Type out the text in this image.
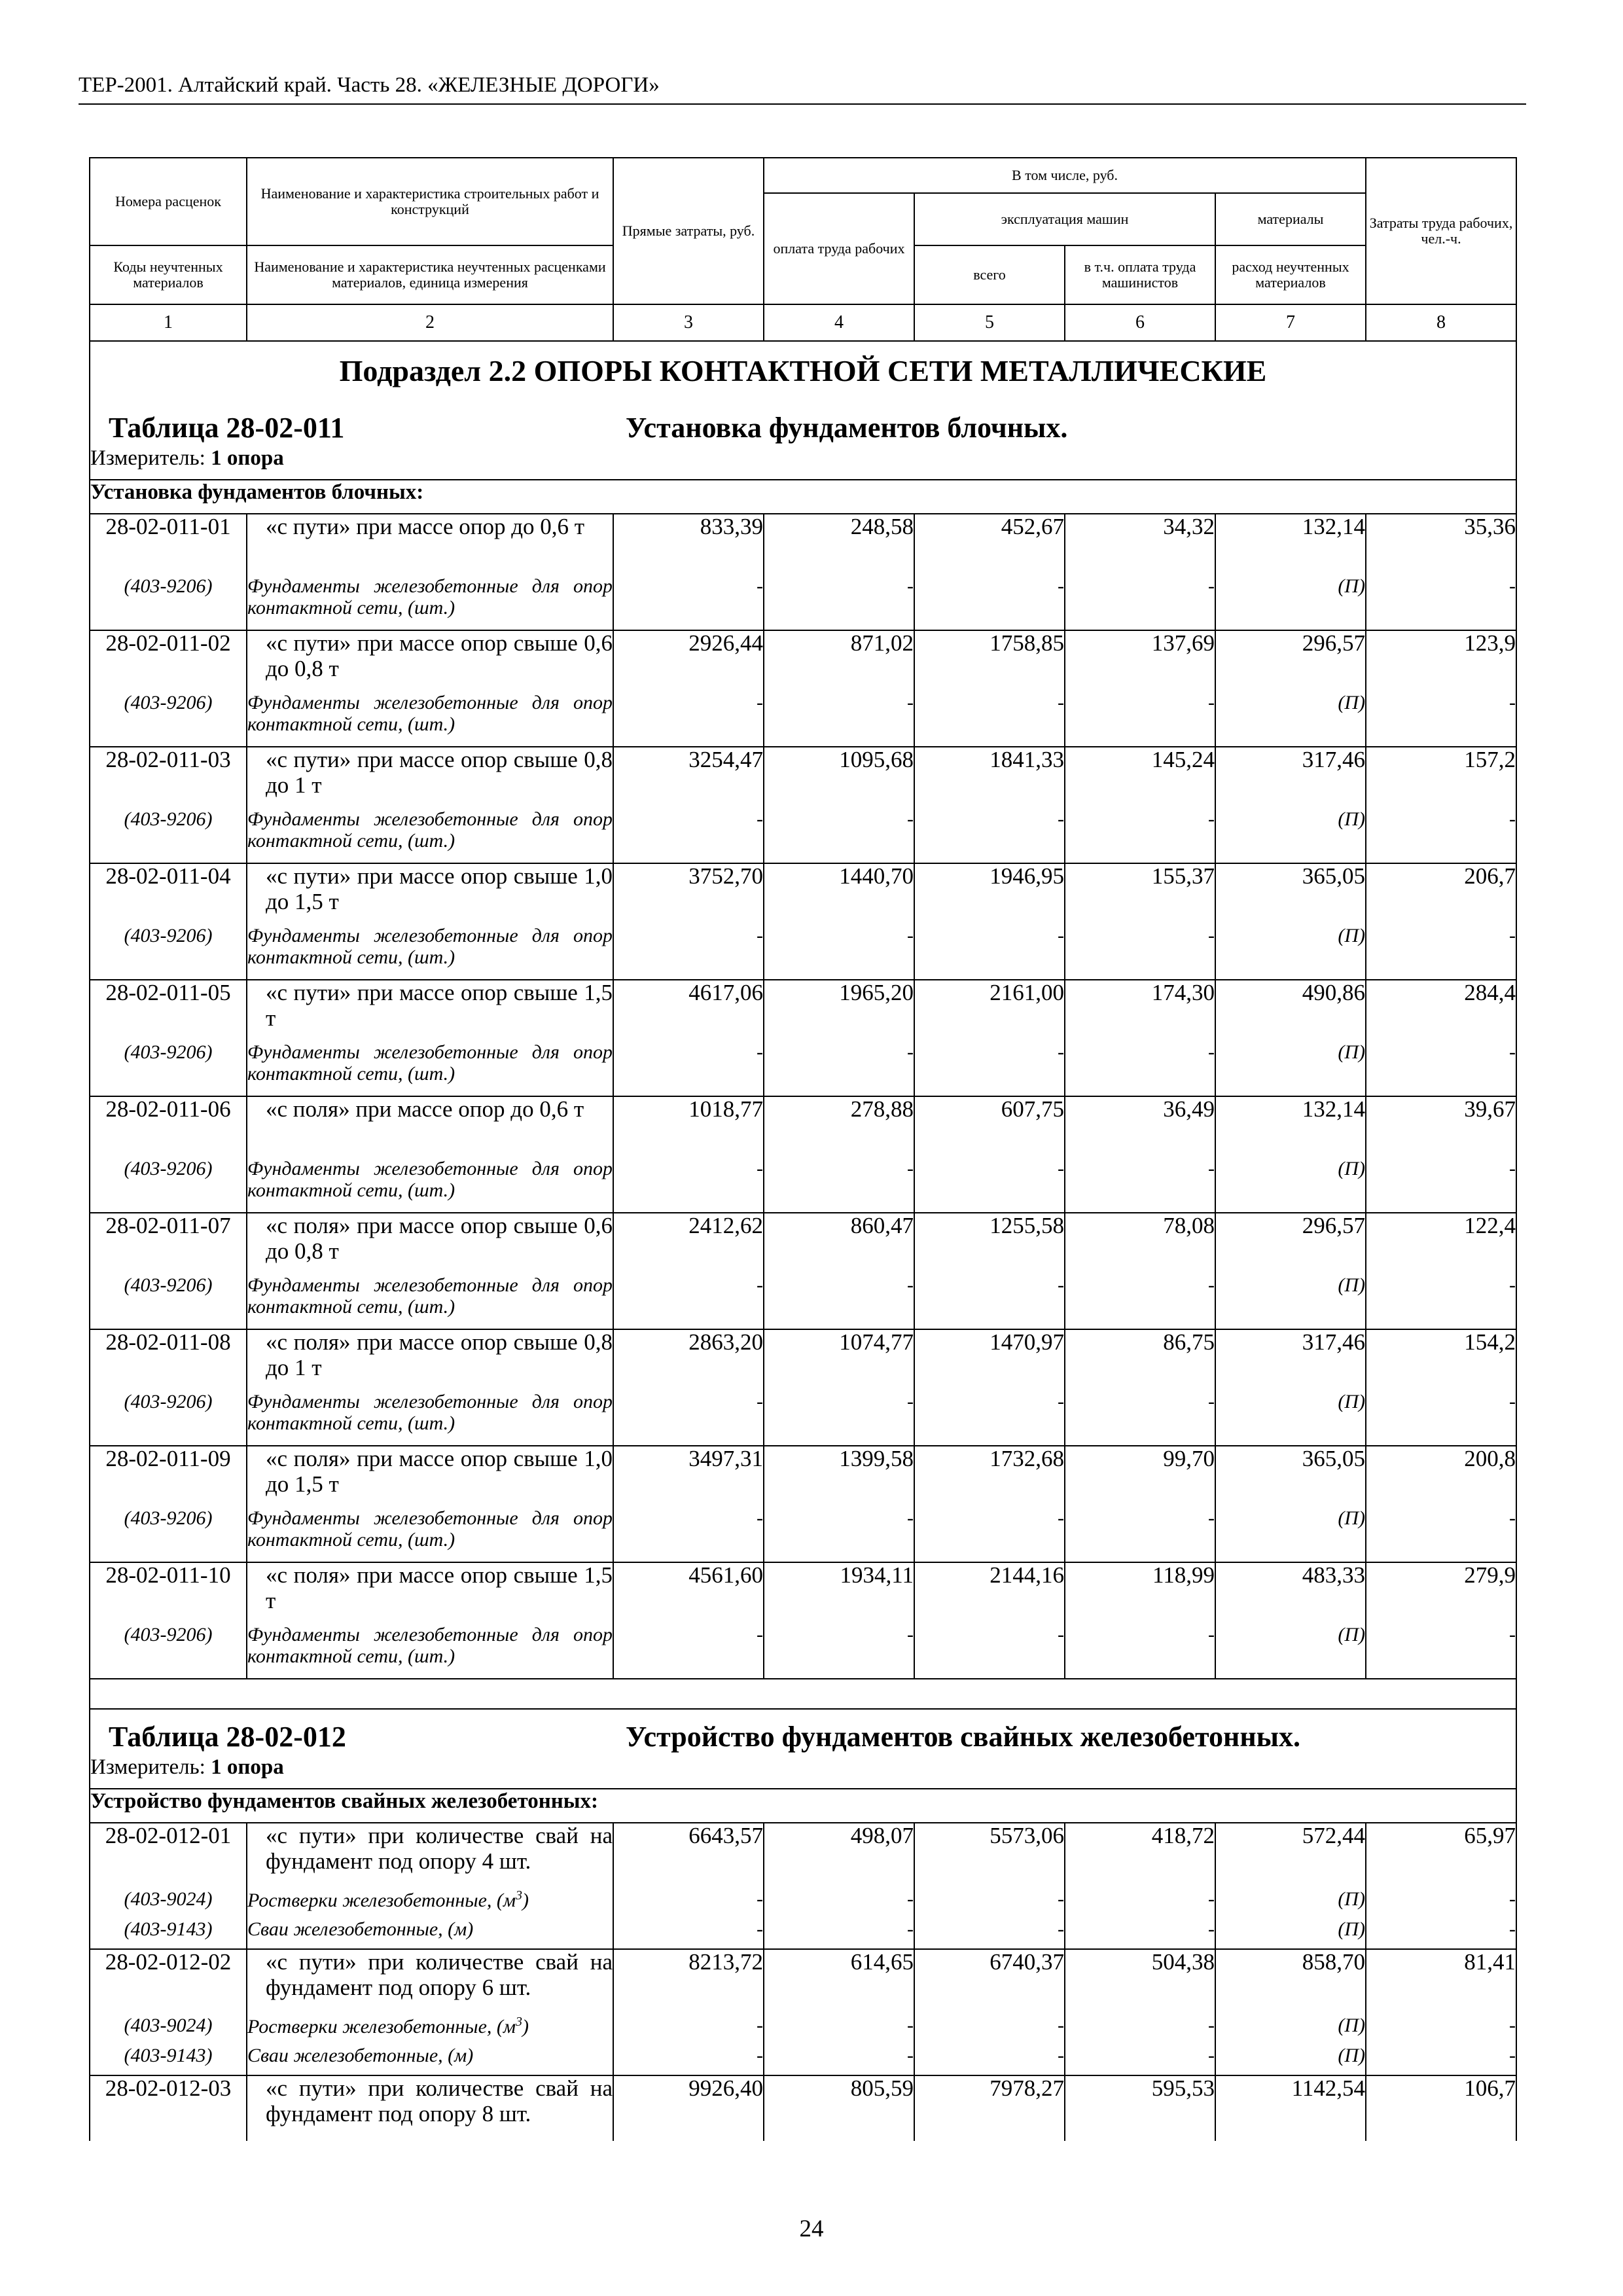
ТЕР-2001. Алтайский край. Часть 28. «ЖЕЛЕЗНЫЕ ДОРОГИ»
Номера расценок	Наименование и характеристика строительных работ и конструкций	Прямые затраты, руб.	В том числе, руб.				Затраты труда рабочих, чел.-ч.
			оплата труда рабочих	эксплуатация машин		материалы	
Коды неучтенных материалов	Наименование и характеристика неучтенных расценками материалов, единица измерения			всего	в т.ч. оплата труда машинистов	расход неучтенных материалов	
1	2	3	4	5	6	7	8
Подраздел 2.2 ОПОРЫ КОНТАКТНОЙ СЕТИ МЕТАЛЛИЧЕСКИЕ							

Таблица 28-02-011 Установка фундаментов блочных.							

Измеритель: 1 опора							
Установка фундаментов блочных:							
28-02-011-01	«с пути» при массе опор до 0,6 т	833,39	248,58	452,67	34,32	132,14	35,36
(403-9206)	Фундаменты железобетонные для опор контактной сети, (шт.)	-	-	-	-	(П)	-
28-02-011-02	«с пути» при массе опор свыше 0,6 до 0,8 т	2926,44	871,02	1758,85	137,69	296,57	123,9
(403-9206)	Фундаменты железобетонные для опор контактной сети, (шт.)	-	-	-	-	(П)	-
28-02-011-03	«с пути» при массе опор свыше 0,8 до 1 т	3254,47	1095,68	1841,33	145,24	317,46	157,2
(403-9206)	Фундаменты железобетонные для опор контактной сети, (шт.)	-	-	-	-	(П)	-
28-02-011-04	«с пути» при массе опор свыше 1,0 до 1,5 т	3752,70	1440,70	1946,95	155,37	365,05	206,7
(403-9206)	Фундаменты железобетонные для опор контактной сети, (шт.)	-	-	-	-	(П)	-
28-02-011-05	«с пути» при массе опор свыше 1,5 т	4617,06	1965,20	2161,00	174,30	490,86	284,4
(403-9206)	Фундаменты железобетонные для опор контактной сети, (шт.)	-	-	-	-	(П)	-
28-02-011-06	«с поля» при массе опор до 0,6 т	1018,77	278,88	607,75	36,49	132,14	39,67
(403-9206)	Фундаменты железобетонные для опор контактной сети, (шт.)	-	-	-	-	(П)	-
28-02-011-07	«с поля» при массе опор свыше 0,6 до 0,8 т	2412,62	860,47	1255,58	78,08	296,57	122,4
(403-9206)	Фундаменты железобетонные для опор контактной сети, (шт.)	-	-	-	-	(П)	-
28-02-011-08	«с поля» при массе опор свыше 0,8 до 1 т	2863,20	1074,77	1470,97	86,75	317,46	154,2
(403-9206)	Фундаменты железобетонные для опор контактной сети, (шт.)	-	-	-	-	(П)	-
28-02-011-09	«с поля» при массе опор свыше 1,0 до 1,5 т	3497,31	1399,58	1732,68	99,70	365,05	200,8
(403-9206)	Фундаменты железобетонные для опор контактной сети, (шт.)	-	-	-	-	(П)	-
28-02-011-10	«с поля» при массе опор свыше 1,5 т	4561,60	1934,11	2144,16	118,99	483,33	279,9
(403-9206)	Фундаменты железобетонные для опор контактной сети, (шт.)	-	-	-	-	(П)	-

Таблица 28-02-012 Устройство фундаментов свайных железобетонных.							

Измеритель: 1 опора							
Устройство фундаментов свайных железобетонных:							
28-02-012-01	«с пути» при количестве свай на фундамент под опору 4 шт.	6643,57	498,07	5573,06	418,72	572,44	65,97
(403-9024)	Ростверки железобетонные, $(м^3)$	-	-	-	-	(П)	-
(403-9143)	Сваи железобетонные, (м)	-	-	-	-	(П)	-
28-02-012-02	«с пути» при количестве свай на фундамент под опору 6 шт.	8213,72	614,65	6740,37	504,38	858,70	81,41
(403-9024)	Ростверки железобетонные, $(м^3)$	-	-	-	-	(П)	-
(403-9143)	Сваи железобетонные, (м)	-	-	-	-	(П)	-
28-02-012-03	«с пути» при количестве свай на фундамент под опору 8 шт.	9926,40	805,59	7978,27	595,53	1142,54	106,7
24
